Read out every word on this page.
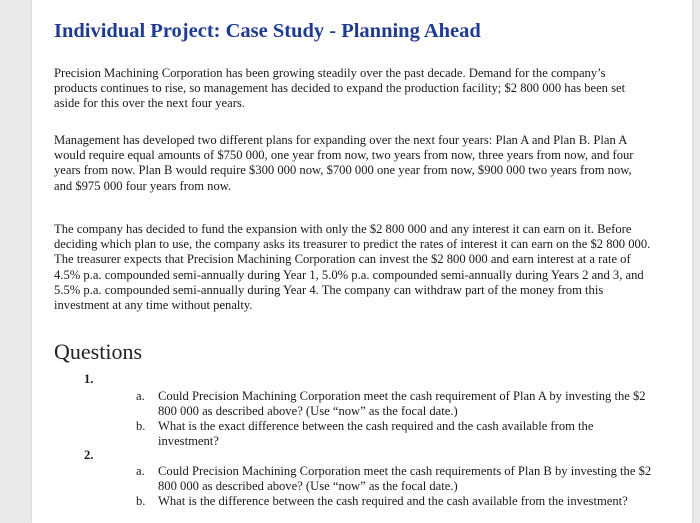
Individual Project: Case Study - Planning Ahead

Precision Machining Corporation has been growing steadily over the past decade. Demand for the company’s products continues to rise, so management has decided to expand the production facility; $2 800 000 has been set aside for this over the next four years.

Management has developed two different plans for expanding over the next four years: Plan A and Plan B. Plan A would require equal amounts of $750 000, one year from now, two years from now, three years from now, and four years from now. Plan B would require $300 000 now, $700 000 one year from now, $900 000 two years from now, and $975 000 four years from now.

The company has decided to fund the expansion with only the $2 800 000 and any interest it can earn on it. Before deciding which plan to use, the company asks its treasurer to predict the rates of interest it can earn on the $2 800 000. The treasurer expects that Precision Machining Corporation can invest the $2 800 000 and earn interest at a rate of 4.5% p.a. compounded semi-annually during Year 1, 5.0% p.a. compounded semi-annually during Years 2 and 3, and 5.5% p.a. compounded semi-annually during Year 4. The company can withdraw part of the money from this investment at any time without penalty.

Questions
1.
a. Could Precision Machining Corporation meet the cash requirement of Plan A by investing the $2 800 000 as described above? (Use “now” as the focal date.)
b. What is the exact difference between the cash required and the cash available from the investment?
2.
a. Could Precision Machining Corporation meet the cash requirements of Plan B by investing the $2 800 000 as described above? (Use “now” as the focal date.)
b. What is the difference between the cash required and the cash available from the investment?
